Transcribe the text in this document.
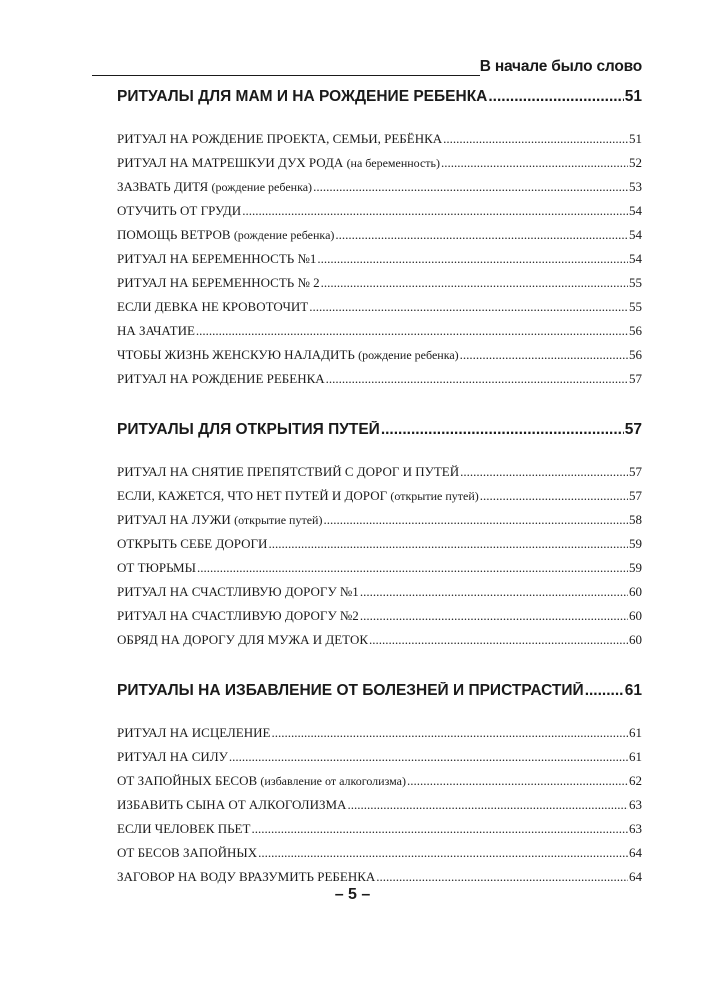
В начале было слово
РИТУАЛЫ ДЛЯ МАМ И НА РОЖДЕНИЕ РЕБЕНКА .....	51
РИТУАЛ НА РОЖДЕНИЕ ПРОЕКТА, СЕМЬИ, РЕБЁНКА .....	51
РИТУАЛ НА МАТРЕШКУИ ДУХ РОДА (на беременность) .....	52
ЗАЗВАТЬ ДИТЯ (рождение ребенка) .....	53
ОТУЧИТЬ ОТ ГРУДИ .....	54
ПОМОЩЬ ВЕТРОВ (рождение ребенка) .....	54
РИТУАЛ НА БЕРЕМЕННОСТЬ №1 .....	54
РИТУАЛ НА БЕРЕМЕННОСТЬ № 2 .....	55
ЕСЛИ ДЕВКА НЕ КРОВОТОЧИТ .....	55
НА ЗАЧАТИЕ .....	56
ЧТОБЫ ЖИЗНЬ ЖЕНСКУЮ НАЛАДИТЬ (рождение ребенка) .....	56
РИТУАЛ НА РОЖДЕНИЕ РЕБЕНКА .....	57
РИТУАЛЫ ДЛЯ ОТКРЫТИЯ ПУТЕЙ .....	57
РИТУАЛ НА СНЯТИЕ ПРЕПЯТСТВИЙ С ДОРОГ И ПУТЕЙ .....	57
ЕСЛИ, КАЖЕТСЯ, ЧТО НЕТ ПУТЕЙ И ДОРОГ (открытие путей) .....	57
РИТУАЛ НА ЛУЖИ (открытие путей) .....	58
ОТКРЫТЬ СЕБЕ ДОРОГИ .....	59
ОТ ТЮРЬМЫ .....	59
РИТУАЛ НА СЧАСТЛИВУЮ ДОРОГУ №1 .....	60
РИТУАЛ НА СЧАСТЛИВУЮ ДОРОГУ №2 .....	60
ОБРЯД НА ДОРОГУ ДЛЯ МУЖА И ДЕТОК .....	60
РИТУАЛЫ НА ИЗБАВЛЕНИЕ ОТ БОЛЕЗНЕЙ И ПРИСТРАСТИЙ .....	61
РИТУАЛ НА ИСЦЕЛЕНИЕ .....	61
РИТУАЛ НА СИЛУ .....	61
ОТ ЗАПОЙНЫХ БЕСОВ (избавление от алкоголизма) .....	62
ИЗБАВИТЬ СЫНА ОТ АЛКОГОЛИЗМА .....	63
ЕСЛИ ЧЕЛОВЕК ПЬЕТ .....	63
ОТ БЕСОВ ЗАПОЙНЫХ .....	64
ЗАГОВОР НА ВОДУ ВРАЗУМИТЬ РЕБЕНКА .....	64
– 5 –
